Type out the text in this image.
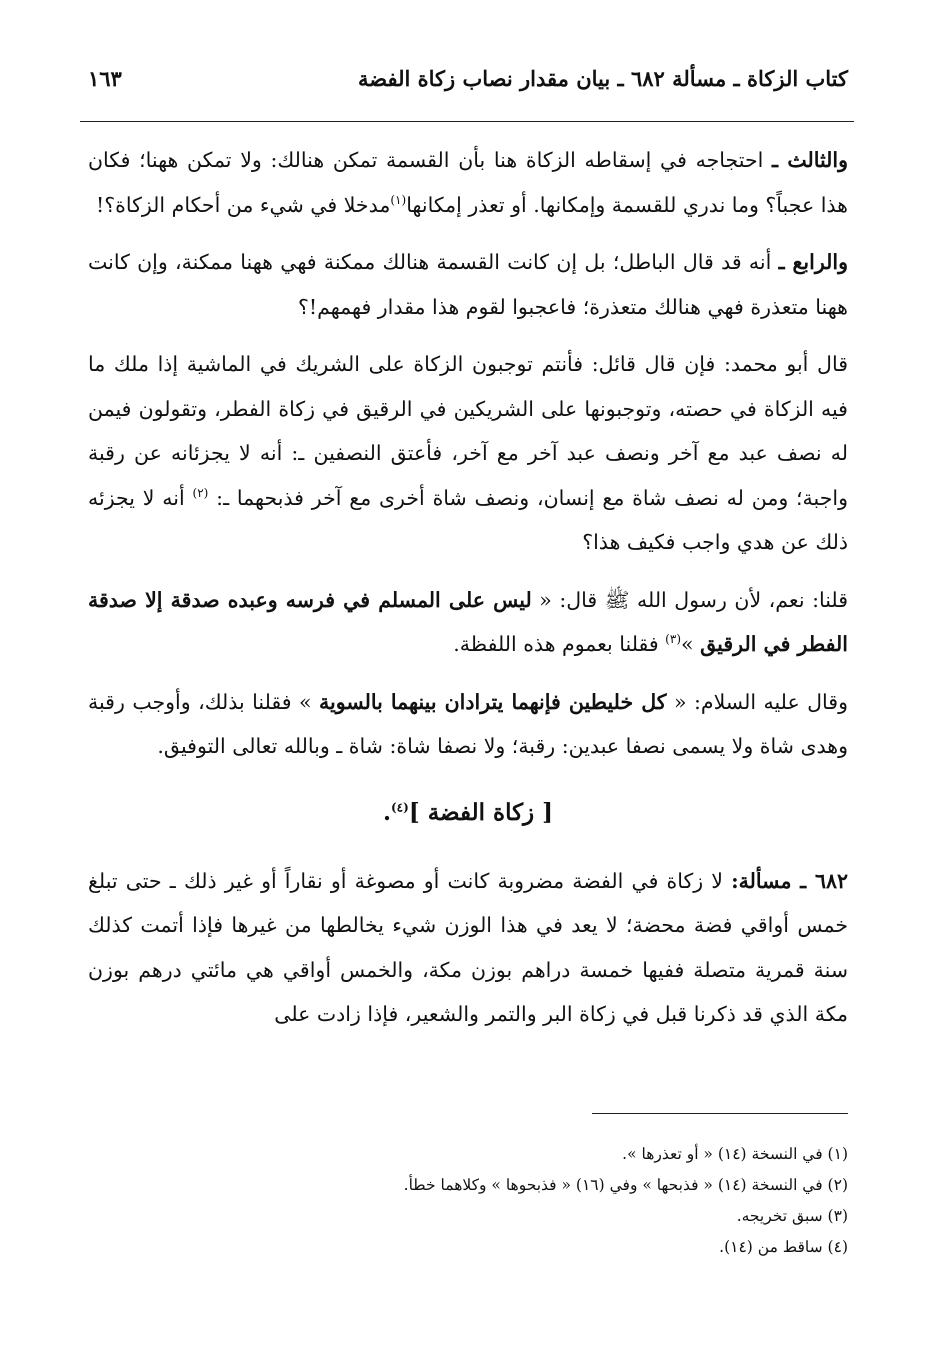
كتاب الزكاة ـ مسألة ٦٨٢ ـ بيان مقدار نصاب زكاة الفضة
١٦٣

والثالث ـ احتجاجه في إسقاطه الزكاة هنا بأن القسمة تمكن هنالك: ولا تمكن ههنا؛ فكان هذا عجباً؟ وما ندري للقسمة وإمكانها. أو تعذر إمكانها$^{(١)}$مدخلا في شيء من أحكام الزكاة؟!

والرابع ـ أنه قد قال الباطل؛ بل إن كانت القسمة هنالك ممكنة فهي ههنا ممكنة، وإن كانت ههنا متعذرة فهي هنالك متعذرة؛ فاعجبوا لقوم هذا مقدار فهمهم!؟

قال أبو محمد: فإن قال قائل: فأنتم توجبون الزكاة على الشريك في الماشية إذا ملك ما فيه الزكاة في حصته، وتوجبونها على الشريكين في الرقيق في زكاة الفطر، وتقولون فيمن له نصف عبد مع آخر ونصف عبد آخر مع آخر، فأعتق النصفين ـ: أنه لا يجزئانه عن رقبة واجبة؛ ومن له نصف شاة مع إنسان، ونصف شاة أخرى مع آخر فذبحهما ـ: $^{(٢)}$ أنه لا يجزئه ذلك عن هدي واجب فكيف هذا؟

قلنا: نعم، لأن رسول الله ﷺ قال: « ليس على المسلم في فرسه وعبده صدقة إلا صدقة الفطر في الرقيق »$^{(٣)}$ فقلنا بعموم هذه اللفظة.

وقال عليه السلام: « كل خليطين فإنهما يترادان بينهما بالسوية » فقلنا بذلك، وأوجب رقبة وهدى شاة ولا يسمى نصفا عبدين: رقبة؛ ولا نصفا شاة: شاة ـ وبالله تعالى التوفيق.

[ زكاة الفضة ]$^{(٤)}$.

٦٨٢ ـ مسألة: لا زكاة في الفضة مضروبة كانت أو مصوغة أو نقاراً أو غير ذلك ـ حتى تبلغ خمس أواقي فضة محضة؛ لا يعد في هذا الوزن شيء يخالطها من غيرها فإذا أتمت كذلك سنة قمرية متصلة ففيها خمسة دراهم بوزن مكة، والخمس أواقي هي مائتي درهم بوزن مكة الذي قد ذكرنا قبل في زكاة البر والتمر والشعير، فإذا زادت على

(١) في النسخة (١٤) « أو تعذرها ».
(٢) في النسخة (١٤) « فذبحها » وفي (١٦) « فذبحوها » وكلاهما خطأ.
(٣) سبق تخريجه.
(٤) ساقط من (١٤).
